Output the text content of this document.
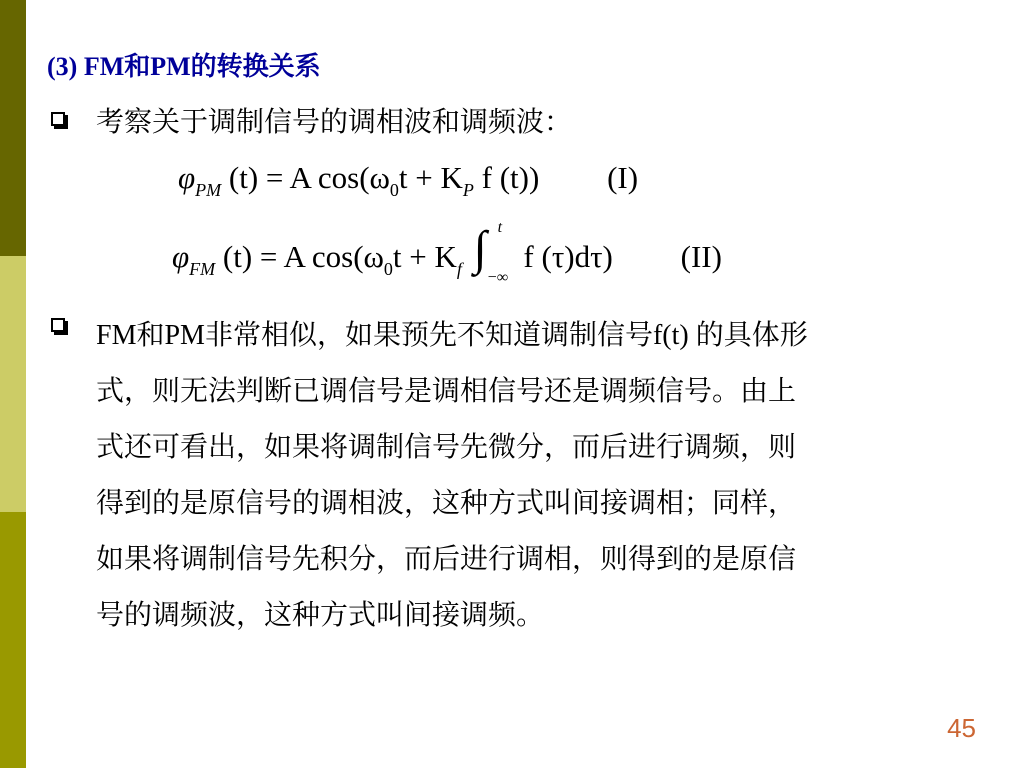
(3) FM和PM的转换关系
考察关于调制信号的调相波和调频波：
$\varphi_{PM}$ (t) = A $\cos(\omega_0t + K_P$ f (t)) (I)
$\varphi_{FM}$ (t) = A $\cos(\omega_0t + K_f$ ∫ t
−∞
f (τ)dτ) (II)
FM和PM非常相似，如果预先不知道调制信号f(t) 的具体形
式，则无法判断已调信号是调相信号还是调频信号。由上
式还可看出，如果将调制信号先微分，而后进行调频，则
得到的是原信号的调相波，这种方式叫间接调相；同样，
如果将调制信号先积分，而后进行调相，则得到的是原信
号的调频波，这种方式叫间接调频。
45
